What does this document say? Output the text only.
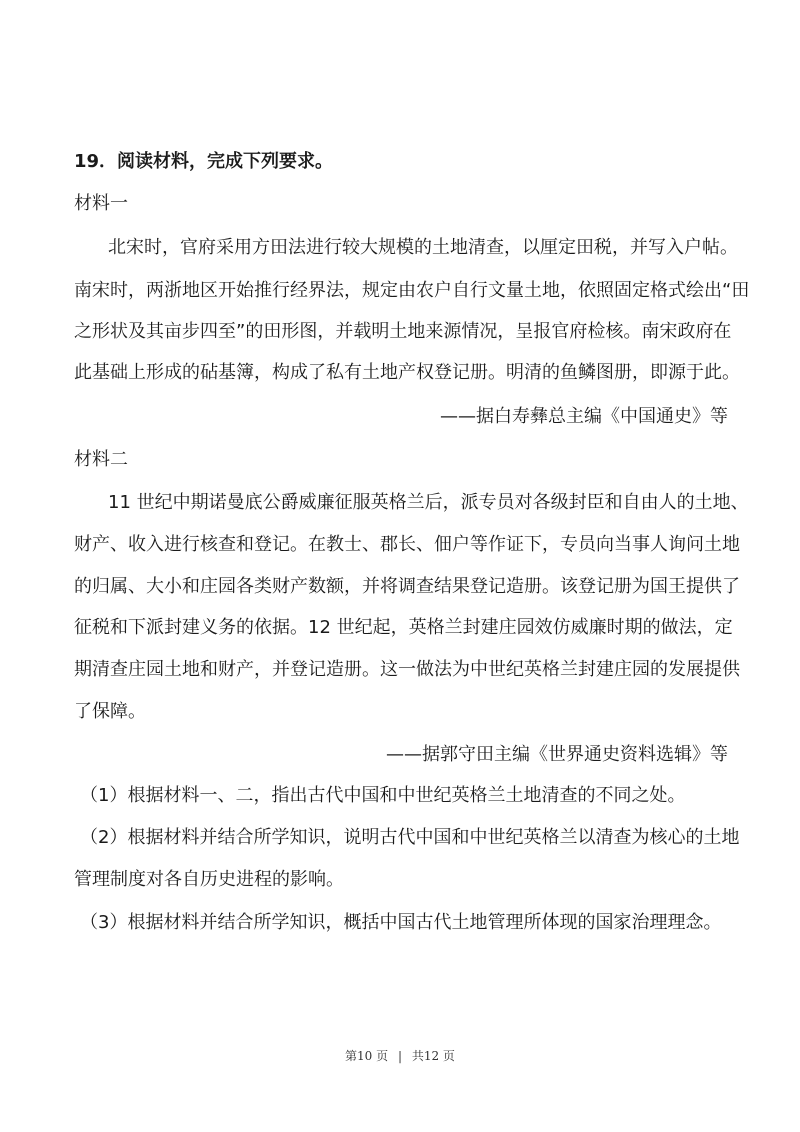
19．阅读材料，完成下列要求。
材料一
北宋时，官府采用方田法进行较大规模的土地清查，以厘定田税，并写入户帖。
南宋时，两浙地区开始推行经界法，规定由农户自行文量土地，依照固定格式绘出“田
之形状及其亩步四至”的田形图，并载明土地来源情况，呈报官府检核。南宋政府在
此基础上形成的砧基簿，构成了私有土地产权登记册。明清的鱼鳞图册，即源于此。
——据白寿彝总主编《中国通史》等
材料二
11 世纪中期诺曼底公爵威廉征服英格兰后，派专员对各级封臣和自由人的土地、
财产、收入进行核查和登记。在教士、郡长、佃户等作证下，专员向当事人询问土地
的归属、大小和庄园各类财产数额，并将调查结果登记造册。该登记册为国王提供了
征税和下派封建义务的依据。12 世纪起，英格兰封建庄园效仿威廉时期的做法，定
期清查庄园土地和财产，并登记造册。这一做法为中世纪英格兰封建庄园的发展提供
了保障。
——据郭守田主编《世界通史资料选辑》等
（1）根据材料一、二，指出古代中国和中世纪英格兰土地清查的不同之处。
（2）根据材料并结合所学知识，说明古代中国和中世纪英格兰以清查为核心的土地
管理制度对各自历史进程的影响。
（3）根据材料并结合所学知识，概括中国古代土地管理所体现的国家治理理念。
第10 页 | 共12 页
